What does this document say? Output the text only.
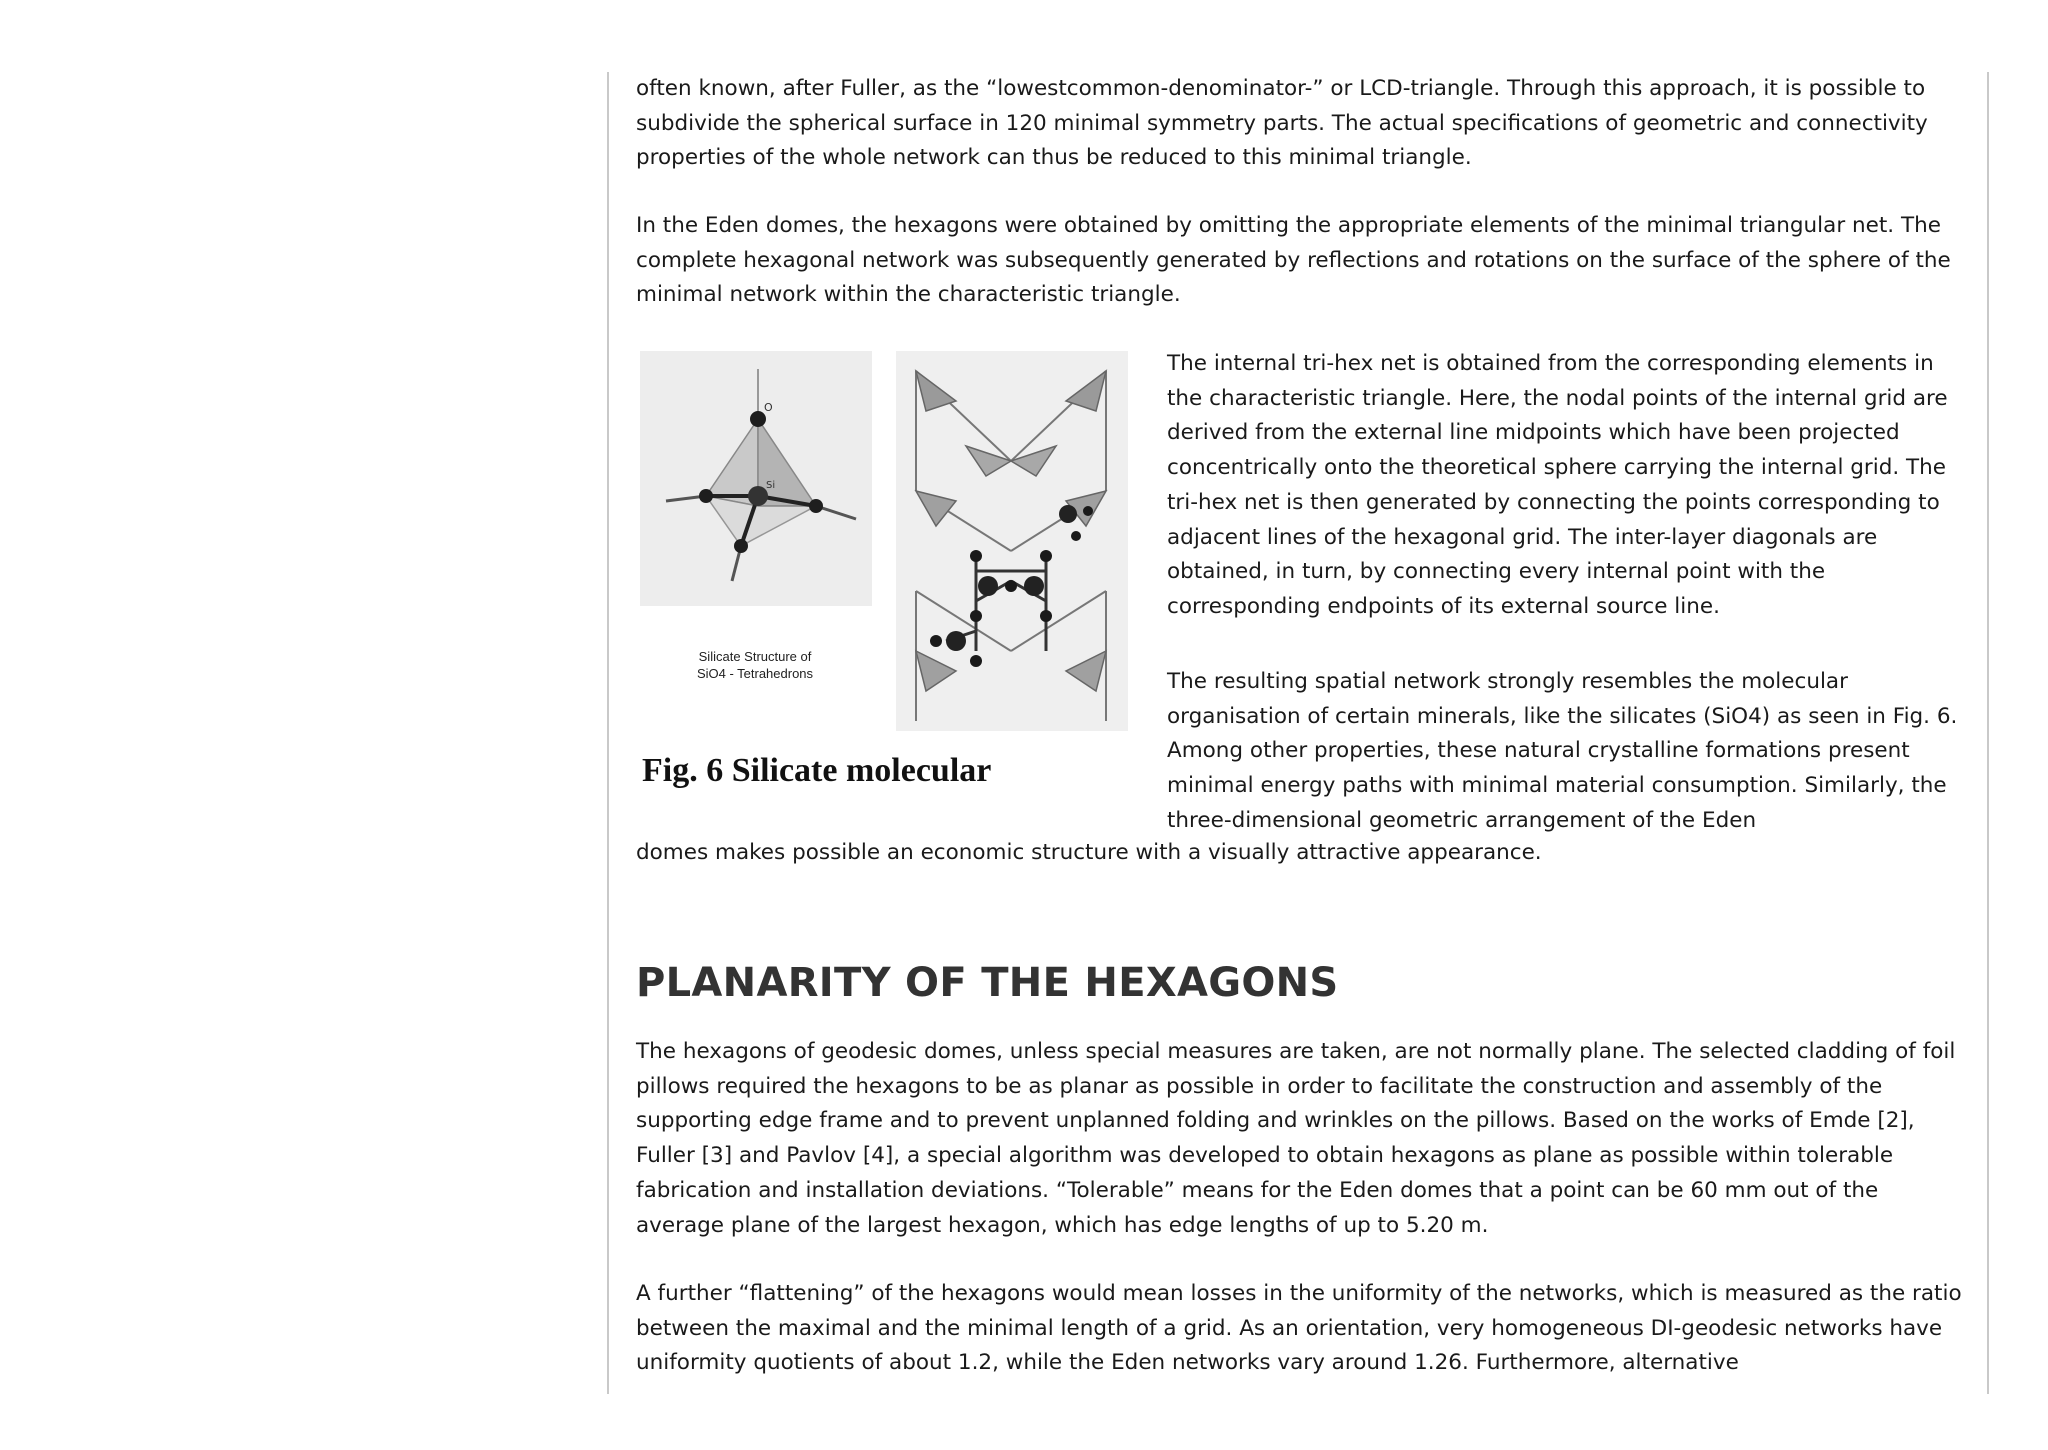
often known, after Fuller, as the “lowestcommon-denominator-” or LCD-triangle. Through this approach, it is possible to subdivide the spherical surface in 120 minimal symmetry parts. The actual specifications of geometric and connectivity properties of the whole network can thus be reduced to this minimal triangle.

In the Eden domes, the hexagons were obtained by omitting the appropriate elements of the minimal triangular net. The complete hexagonal network was subsequently generated by reflections and rotations on the surface of the sphere of the minimal network within the characteristic triangle.

O
Si
Silicate Structure of
SiO4 - Tetrahedrons
Fig. 6 Silicate molecular

The internal tri-hex net is obtained from the corresponding elements in the characteristic triangle. Here, the nodal points of the internal grid are derived from the external line midpoints which have been projected concentrically onto the theoretical sphere carrying the internal grid. The tri-hex net is then generated by connecting the points corresponding to adjacent lines of the hexagonal grid. The inter-layer diagonals are obtained, in turn, by connecting every internal point with the corresponding endpoints of its external source line.

The resulting spatial network strongly resembles the molecular organisation of certain minerals, like the silicates (SiO4) as seen in Fig. 6. Among other properties, these natural crystalline formations present minimal energy paths with minimal material consumption. Similarly, the three-dimensional geometric arrangement of the Eden

domes makes possible an economic structure with a visually attractive appearance.

PLANARITY OF THE HEXAGONS

The hexagons of geodesic domes, unless special measures are taken, are not normally plane. The selected cladding of foil pillows required the hexagons to be as planar as possible in order to facilitate the construction and assembly of the supporting edge frame and to prevent unplanned folding and wrinkles on the pillows. Based on the works of Emde [2], Fuller [3] and Pavlov [4], a special algorithm was developed to obtain hexagons as plane as possible within tolerable fabrication and installation deviations. “Tolerable” means for the Eden domes that a point can be 60 mm out of the average plane of the largest hexagon, which has edge lengths of up to 5.20 m.

A further “flattening” of the hexagons would mean losses in the uniformity of the networks, which is measured as the ratio between the maximal and the minimal length of a grid. As an orientation, very homogeneous DI-geodesic networks have uniformity quotients of about 1.2, while the Eden networks vary around 1.26. Furthermore, alternative
